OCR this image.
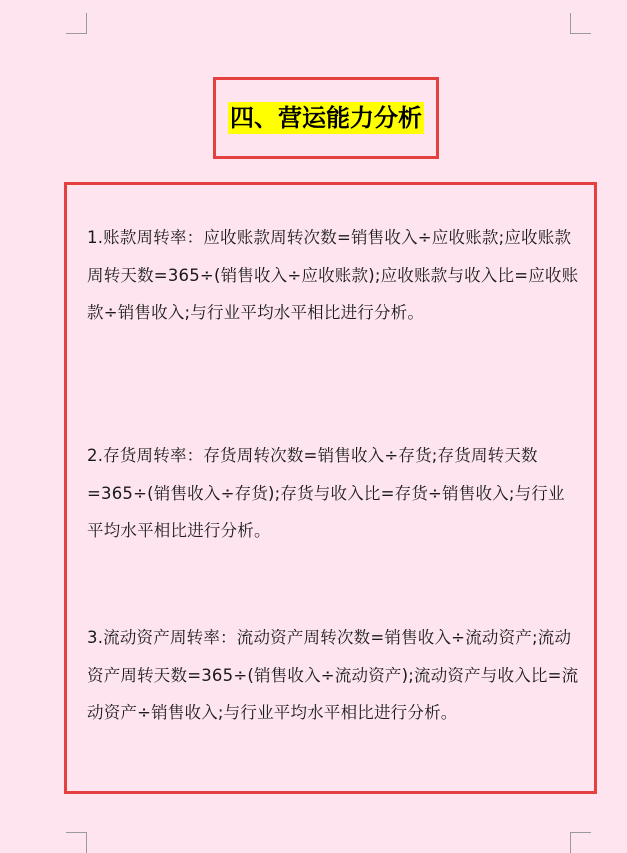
四、营运能力分析

1.账款周转率：应收账款周转次数=销售收入÷应收账款;应收账款周转天数=365÷(销售收入÷应收账款);应收账款与收入比=应收账款÷销售收入;与行业平均水平相比进行分析。

2.存货周转率：存货周转次数=销售收入÷存货;存货周转天数=365÷(销售收入÷存货);存货与收入比=存货÷销售收入;与行业平均水平相比进行分析。

3.流动资产周转率：流动资产周转次数=销售收入÷流动资产;流动资产周转天数=365÷(销售收入÷流动资产);流动资产与收入比=流动资产÷销售收入;与行业平均水平相比进行分析。
